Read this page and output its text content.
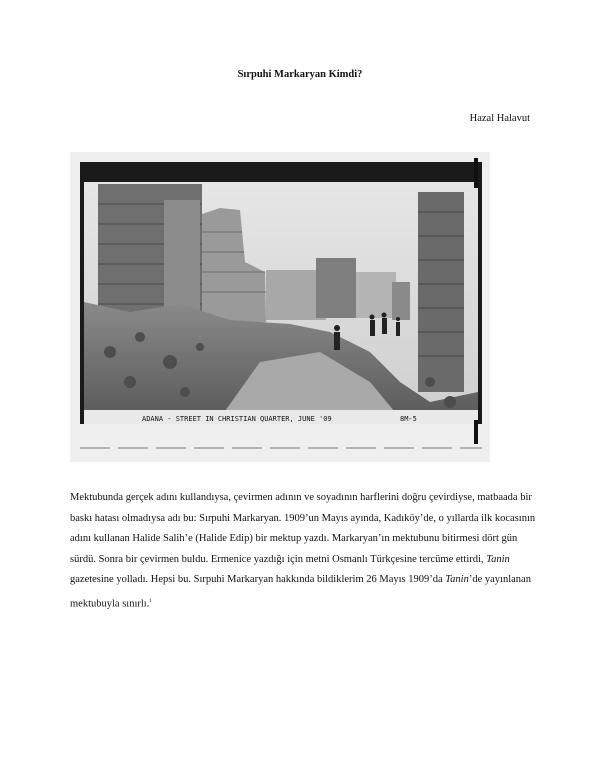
Sırpuhi Markaryan Kimdi?
Hazal Halavut
ADANA - STREET IN CHRISTIAN QUARTER, JUNE '09	8M-5

Mektubunda gerçek adını kullandıysa, çevirmen adının ve soyadının harflerini doğru çevirdiyse, matbaada bir baskı hatası olmadıysa adı bu: Sırpuhi Markaryan. 1909’un Mayıs ayında, Kadıköy’de, o yıllarda ilk kocasının adını kullanan Halide Salih’e (Halide Edip) bir mektup yazdı. Markaryan’ın mektubunu bitirmesi dört gün sürdü. Sonra bir çevirmen buldu. Ermenice yazdığı için metni Osmanlı Türkçesine tercüme ettirdi, Tanin gazetesine yolladı. Hepsi bu. Sırpuhi Markaryan hakkında bildiklerim 26 Mayıs 1909’da Tanin’de yayınlanan mektubuyla sınırlı.$^i$
